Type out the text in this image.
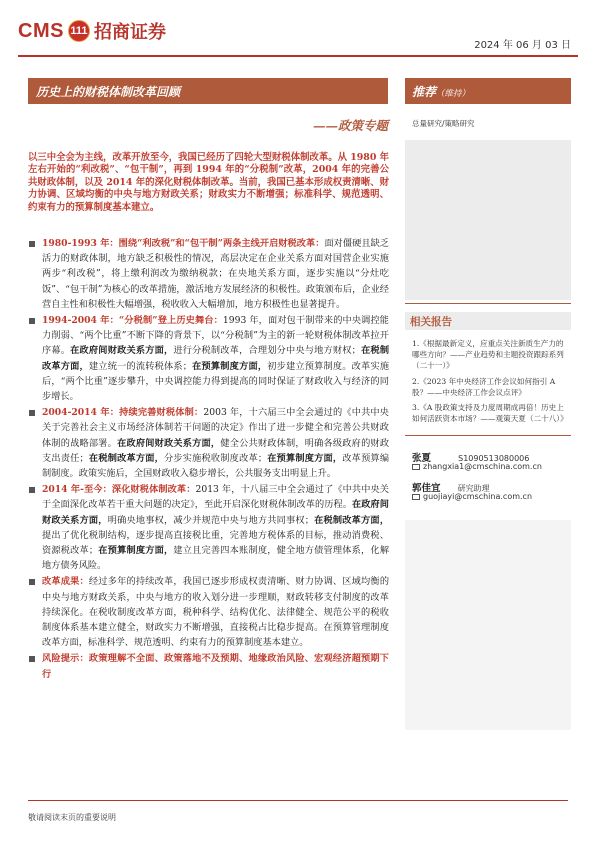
CMS 111 招商证券
2024 年 06 月 03 日
历史上的财税体制改革回顾
——政策专题
推荐（维持）
总量研究/策略研究
相关报告
1.《根据最新定义，应重点关注新质生产力的哪些方向？——产业趋势和主题投资跟踪系列（二十一）》
2.《2023 年中央经济工作会议如何指引 A 股？——中央经济工作会议点评》
3.《A 股政策支持及力度周期成再倍！历史上如何活跃资本市场？——观策天夏（二十八）》
张夏	S1090513080006
zhangxia1@cmschina.com.cn
郭佳宜 研究助理
guojiayi@cmschina.com.cn
以三中全会为主线，改革开放至今，我国已经历了四轮大型财税体制改革。从 1980 年左右开始的“利改税”、“包干制”，再到 1994 年的“分税制”改革，2004 年的完善公共财政体制，以及 2014 年的深化财税体制改革。当前，我国已基本形成权责清晰、财力协调、区域均衡的中央与地方财政关系；财政实力不断增强；标准科学、规范透明、约束有力的预算制度基本建立。
1980-1993 年：围绕“利改税”和“包干制”两条主线开启财税改革：面对僵硬且缺乏活力的财政体制，地方缺乏积极性的情况，高层决定在企业关系方面对国营企业实施两步“利改税”，将上缴利润改为缴纳税款；在央地关系方面，逐步实施以“分灶吃饭”、“包干制”为核心的改革措施，激活地方发展经济的积极性。政策颁布后，企业经营自主性和积极性大幅增强，税收收入大幅增加，地方积极性也显著提升。
1994-2004 年：“分税制”登上历史舞台：1993 年，面对包干制带来的中央调控能力削弱、“两个比重”不断下降的背景下，以“分税制”为主的新一轮财税体制改革拉开序幕。在政府间财政关系方面，进行分税制改革，合理划分中央与地方财权；在税制改革方面，建立统一的流转税体系；在预算制度方面，初步建立预算制度。改革实施后，“两个比重”逐步攀升，中央调控能力得到提高的同时保证了财政收入与经济的同步增长。
2004-2014 年：持续完善财税体制：2003 年，十六届三中全会通过的《中共中央关于完善社会主义市场经济体制若干问题的决定》作出了进一步健全和完善公共财政体制的战略部署。在政府间财政关系方面，健全公共财政体制，明确各级政府的财政支出责任；在税制改革方面，分步实施税收制度改革；在预算制度方面，改革预算编制制度。政策实施后，全国财政收入稳步增长，公共服务支出明显上升。
2014 年-至今：深化财税体制改革：2013 年，十八届三中全会通过了《中共中央关于全面深化改革若干重大问题的决定》，至此开启深化财税体制改革的历程。在政府间财政关系方面，明确央地事权，减少并规范中央与地方共同事权；在税制改革方面，提出了优化税制结构，逐步提高直接税比重，完善地方税体系的目标，推动消费税、资源税改革；在预算制度方面，建立且完善四本账制度，健全地方债管理体系，化解地方债务风险。
改革成果：经过多年的持续改革，我国已逐步形成权责清晰、财力协调、区域均衡的中央与地方财政关系，中央与地方的收入划分进一步理顺，财政转移支付制度的改革持续深化。在税收制度改革方面，税种科学、结构优化、法律健全、规范公平的税收制度体系基本建立健全，财政实力不断增强，直接税占比稳步提高。在预算管理制度改革方面，标准科学、规范透明、约束有力的预算制度基本建立。
风险提示：政策理解不全面、政策落地不及预期、地缘政治风险、宏观经济超预期下行
敬请阅读末页的重要说明
